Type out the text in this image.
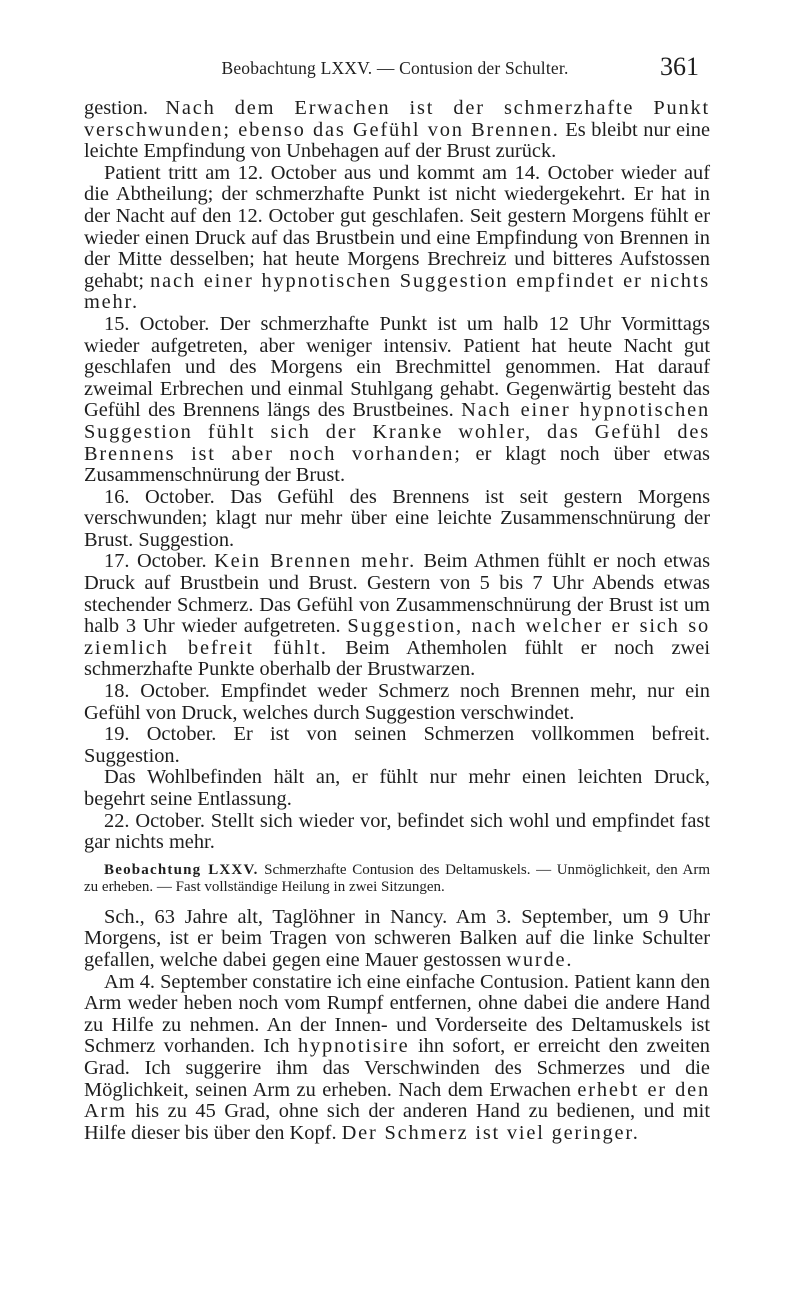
Beobachtung LXXV. — Contusion der Schulter.	361

gestion. Nach dem Erwachen ist der schmerzhafte Punkt verschwunden; ebenso das Gefühl von Brennen. Es bleibt nur eine leichte Empfindung von Unbehagen auf der Brust zurück.

Patient tritt am 12. October aus und kommt am 14. October wieder auf die Abtheilung; der schmerzhafte Punkt ist nicht wiedergekehrt. Er hat in der Nacht auf den 12. October gut geschlafen. Seit gestern Morgens fühlt er wieder einen Druck auf das Brustbein und eine Empfindung von Brennen in der Mitte desselben; hat heute Morgens Brechreiz und bitteres Aufstossen gehabt; nach einer hypnotischen Suggestion empfindet er nichts mehr.

15. October. Der schmerzhafte Punkt ist um halb 12 Uhr Vormittags wieder aufgetreten, aber weniger intensiv. Patient hat heute Nacht gut geschlafen und des Morgens ein Brechmittel genommen. Hat darauf zweimal Erbrechen und einmal Stuhlgang gehabt. Gegenwärtig besteht das Gefühl des Brennens längs des Brustbeines. Nach einer hypnotischen Suggestion fühlt sich der Kranke wohler, das Gefühl des Brennens ist aber noch vorhanden; er klagt noch über etwas Zusammenschnürung der Brust.

16. October. Das Gefühl des Brennens ist seit gestern Morgens verschwunden; klagt nur mehr über eine leichte Zusammenschnürung der Brust. Suggestion.

17. October. Kein Brennen mehr. Beim Athmen fühlt er noch etwas Druck auf Brustbein und Brust. Gestern von 5 bis 7 Uhr Abends etwas stechender Schmerz. Das Gefühl von Zusammenschnürung der Brust ist um halb 3 Uhr wieder aufgetreten. Suggestion, nach welcher er sich so ziemlich befreit fühlt. Beim Athemholen fühlt er noch zwei schmerzhafte Punkte oberhalb der Brustwarzen.

18. October. Empfindet weder Schmerz noch Brennen mehr, nur ein Gefühl von Druck, welches durch Suggestion verschwindet.

19. October. Er ist von seinen Schmerzen vollkommen befreit. Suggestion.

Das Wohlbefinden hält an, er fühlt nur mehr einen leichten Druck, begehrt seine Entlassung.

22. October. Stellt sich wieder vor, befindet sich wohl und empfindet fast gar nichts mehr.

Beobachtung LXXV. Schmerzhafte Contusion des Deltamuskels. — Unmöglichkeit, den Arm zu erheben. — Fast vollständige Heilung in zwei Sitzungen.

Sch., 63 Jahre alt, Taglöhner in Nancy. Am 3. September, um 9 Uhr Morgens, ist er beim Tragen von schweren Balken auf die linke Schulter gefallen, welche dabei gegen eine Mauer gestossen wurde.

Am 4. September constatire ich eine einfache Contusion. Patient kann den Arm weder heben noch vom Rumpf entfernen, ohne dabei die andere Hand zu Hilfe zu nehmen. An der Innen- und Vorderseite des Deltamuskels ist Schmerz vorhanden. Ich hypnotisire ihn sofort, er erreicht den zweiten Grad. Ich suggerire ihm das Verschwinden des Schmerzes und die Möglichkeit, seinen Arm zu erheben. Nach dem Erwachen erhebt er den Arm his zu 45 Grad, ohne sich der anderen Hand zu bedienen, und mit Hilfe dieser bis über den Kopf. Der Schmerz ist viel geringer.
